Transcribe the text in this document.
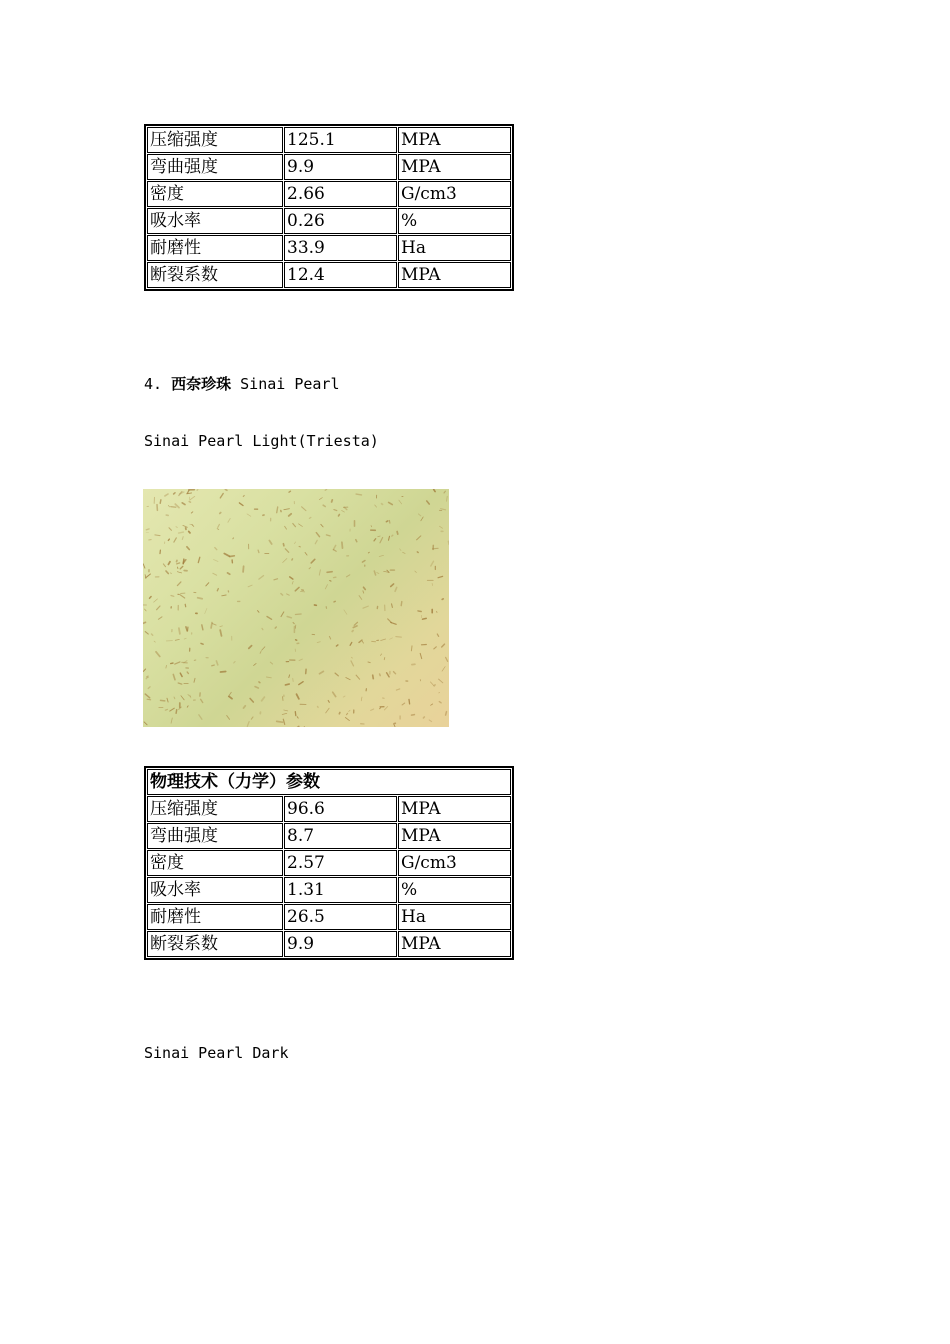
压缩强度	125.1	MPA
弯曲强度	9.9	MPA
密度	2.66	G/cm3
吸水率	0.26	%
耐磨性	33.9	Ha
断裂系数	12.4	MPA
4. 西奈珍珠 Sinai Pearl
Sinai Pearl Light(Triesta)
物理技术（力学）参数		
压缩强度	96.6	MPA
弯曲强度	8.7	MPA
密度	2.57	G/cm3
吸水率	1.31	%
耐磨性	26.5	Ha
断裂系数	9.9	MPA
Sinai Pearl Dark
